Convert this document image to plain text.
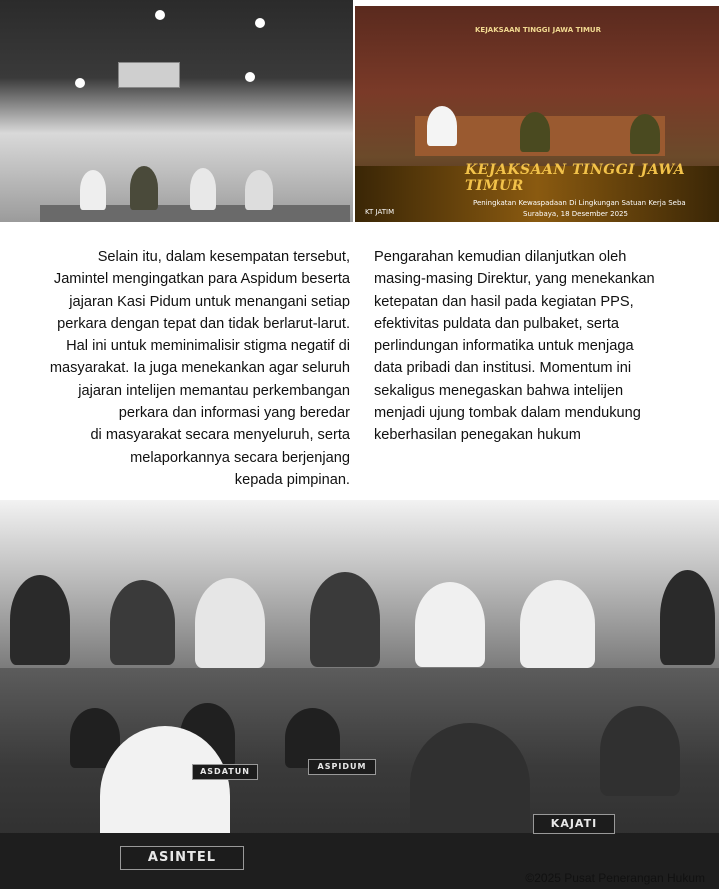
KEJAKSAAN TINGGI JAWA TIMUR
KEJAKSAAN TINGGI JAWA TIMUR
Peningkatan Kewaspadaan Di Lingkungan Satuan Kerja Seba
Surabaya, 18 Desember 2025
KT JATIM

Selain itu, dalam kesempatan tersebut,

Jamintel mengingatkan para Aspidum beserta

jajaran Kasi Pidum untuk menangani setiap

perkara dengan tepat dan tidak berlarut-larut.

Hal ini untuk meminimalisir stigma negatif di

masyarakat. Ia juga menekankan agar seluruh

jajaran intelijen memantau perkembangan

perkara dan informasi yang beredar

di masyarakat secara menyeluruh, serta

melaporkannya secara berjenjang

kepada pimpinan.

Pengarahan kemudian dilanjutkan oleh

masing-masing Direktur, yang menekankan

ketepatan dan hasil pada kegiatan PPS,

efektivitas puldata dan pulbaket, serta

perlindungan informatika untuk menjaga

data pribadi dan institusi. Momentum ini

sekaligus menegaskan bahwa intelijen

menjadi ujung tombak dalam mendukung

keberhasilan penegakan hukum

ASINTEL
KAJATI
ASPIDUM
ASDATUN
©2025 Pusat Penerangan Hukum
